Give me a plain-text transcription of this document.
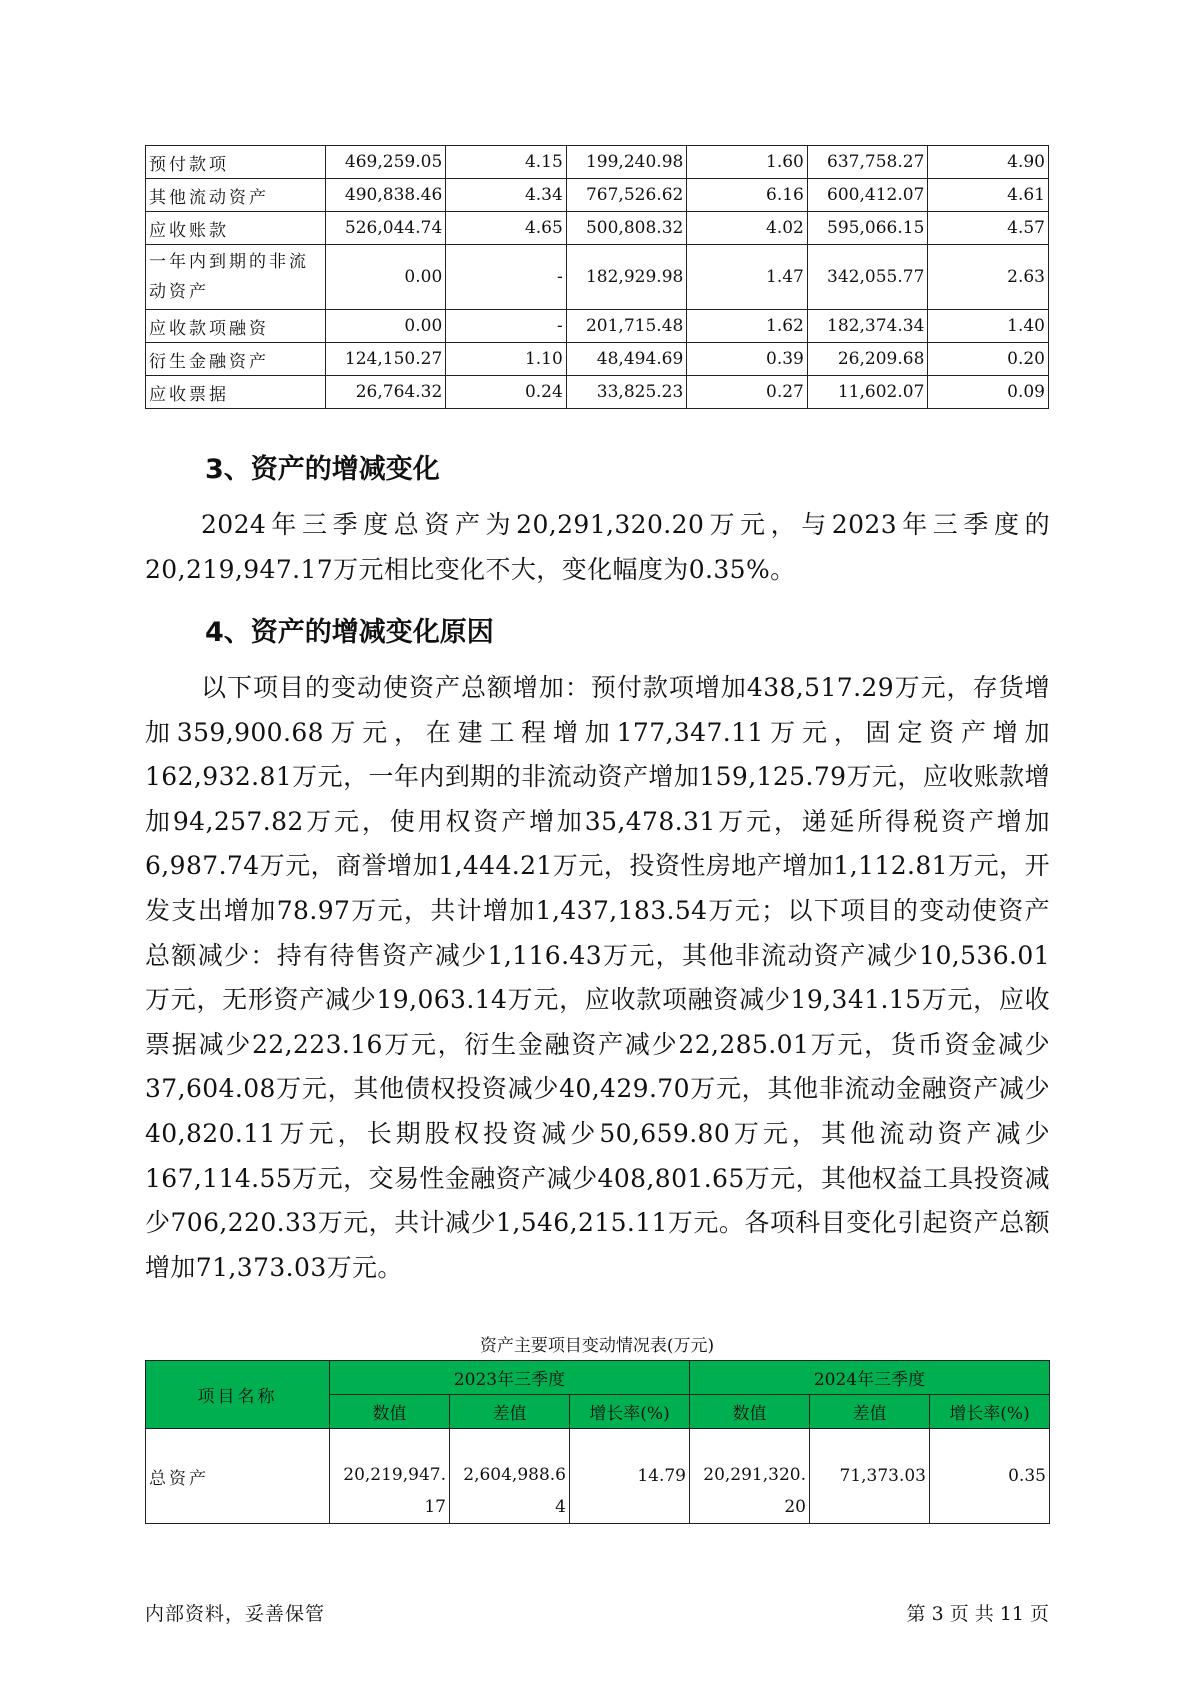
预付款项	469,259.05	4.15	199,240.98	1.60	637,758.27	4.90
其他流动资产	490,838.46	4.34	767,526.62	6.16	600,412.07	4.61
应收账款	526,044.74	4.65	500,808.32	4.02	595,066.15	4.57
一年内到期的非流动资产	0.00	-	182,929.98	1.47	342,055.77	2.63
应收款项融资	0.00	-	201,715.48	1.62	182,374.34	1.40
衍生金融资产	124,150.27	1.10	48,494.69	0.39	26,209.68	0.20
应收票据	26,764.32	0.24	33,825.23	0.27	11,602.07	0.09
3、资产的增减变化

2024年三季度总资产为20,291,320.20万元，与2023年三季度的20,219,947.17万元相比变化不大，变化幅度为0.35%。

4、资产的增减变化原因

以下项目的变动使资产总额增加：预付款项增加438,517.29万元，存货增加359,900.68万元，在建工程增加177,347.11万元，固定资产增加162,932.81万元，一年内到期的非流动资产增加159,125.79万元，应收账款增加94,257.82万元，使用权资产增加35,478.31万元，递延所得税资产增加6,987.74万元，商誉增加1,444.21万元，投资性房地产增加1,112.81万元，开发支出增加78.97万元，共计增加1,437,183.54万元；以下项目的变动使资产总额减少：持有待售资产减少1,116.43万元，其他非流动资产减少10,536.01万元，无形资产减少19,063.14万元，应收款项融资减少19,341.15万元，应收票据减少22,223.16万元，衍生金融资产减少22,285.01万元，货币资金减少37,604.08万元，其他债权投资减少40,429.70万元，其他非流动金融资产减少40,820.11万元，长期股权投资减少50,659.80万元，其他流动资产减少167,114.55万元，交易性金融资产减少408,801.65万元，其他权益工具投资减少706,220.33万元，共计减少1,546,215.11万元。各项科目变化引起资产总额增加71,373.03万元。

资产主要项目变动情况表(万元)

项目名称	2023年三季度			2024年三季度		
	数值	差值	增长率(%)	数值	差值	增长率(%)
总资产	20,219,947.17	2,604,988.64	14.79	20,291,320.20	71,373.03	0.35

内部资料，妥善保管	第 3 页 共 11 页
